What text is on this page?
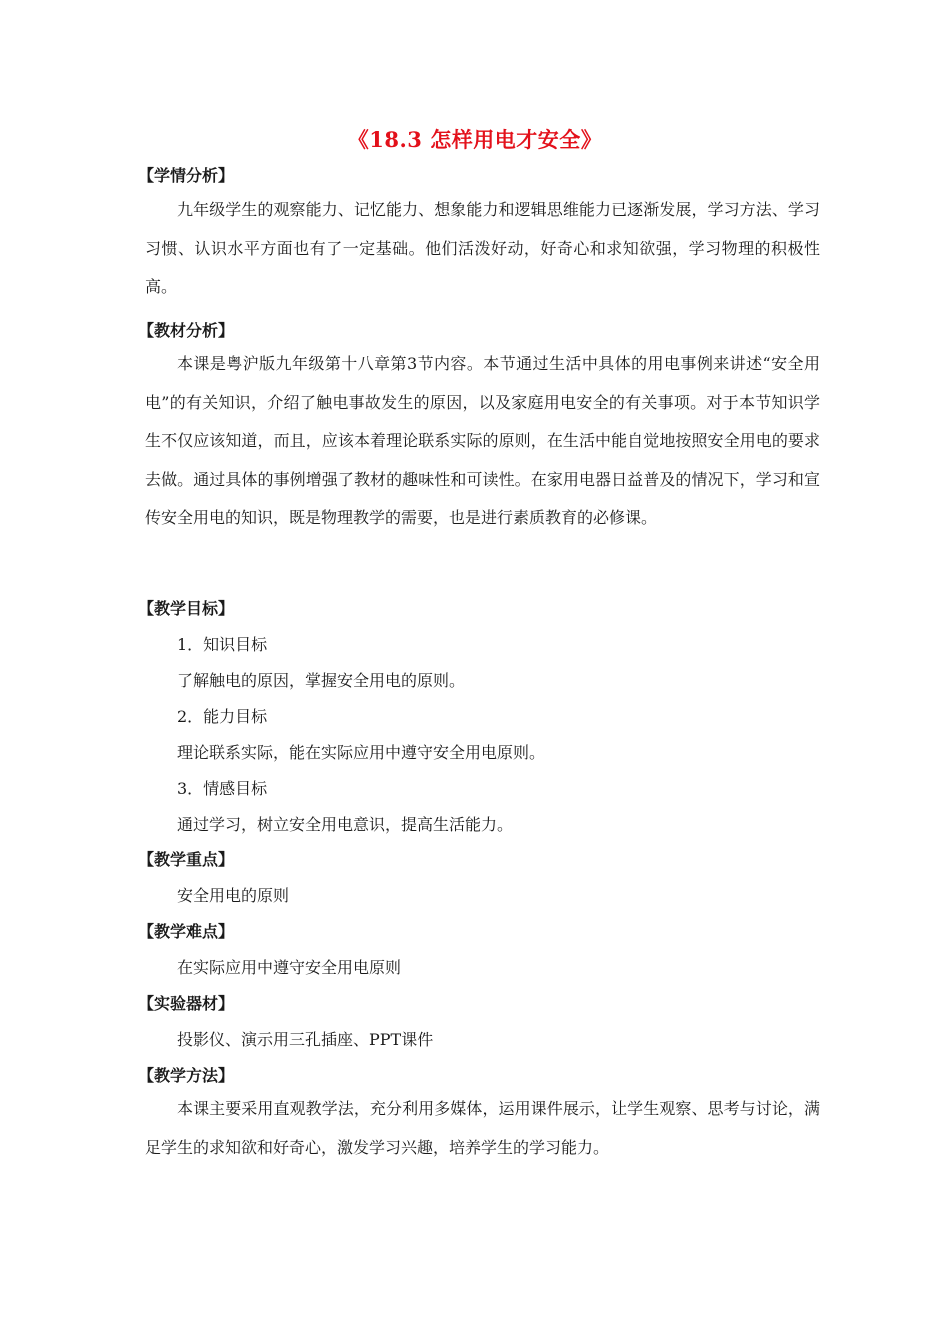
《18.3 怎样用电才安全》
【学情分析】

九年级学生的观察能力、记忆能力、想象能力和逻辑思维能力已逐渐发展，学习方法、学习习惯、认识水平方面也有了一定基础。他们活泼好动，好奇心和求知欲强，学习物理的积极性高。

【教材分析】

本课是粤沪版九年级第十八章第3节内容。本节通过生活中具体的用电事例来讲述“安全用电”的有关知识，介绍了触电事故发生的原因，以及家庭用电安全的有关事项。对于本节知识学生不仅应该知道，而且，应该本着理论联系实际的原则，在生活中能自觉地按照安全用电的要求去做。通过具体的事例增强了教材的趣味性和可读性。在家用电器日益普及的情况下，学习和宣传安全用电的知识，既是物理教学的需要，也是进行素质教育的必修课。

【教学目标】
1．知识目标
了解触电的原因，掌握安全用电的原则。
2．能力目标
理论联系实际，能在实际应用中遵守安全用电原则。
3．情感目标
通过学习，树立安全用电意识，提高生活能力。
【教学重点】
安全用电的原则
【教学难点】
在实际应用中遵守安全用电原则
【实验器材】
投影仪、演示用三孔插座、PPT课件
【教学方法】

本课主要采用直观教学法，充分利用多媒体，运用课件展示，让学生观察、思考与讨论，满足学生的求知欲和好奇心，激发学习兴趣，培养学生的学习能力。
